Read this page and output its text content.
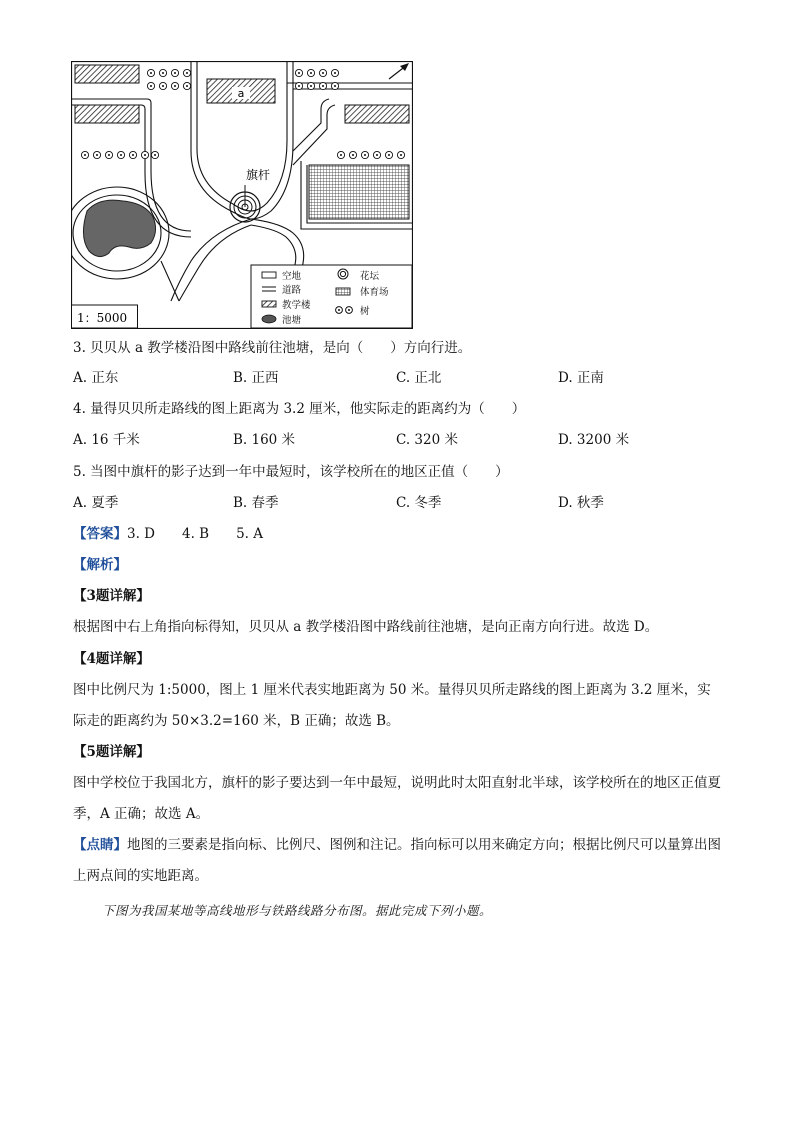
a
旗杆
1：5000
空地
道路
教学楼
池塘
花坛
体育场
树
3. 贝贝从 a 教学楼沿图中路线前往池塘，是向（　　）方向行进。
A. 正东	B. 正西	C. 正北	D. 正南
4. 量得贝贝所走路线的图上距离为 3.2 厘米，他实际走的距离约为（　　）
A. 16 千米	B. 160 米	C. 320 米	D. 3200 米
5. 当图中旗杆的影子达到一年中最短时，该学校所在的地区正值（　　）
A. 夏季	B. 春季	C. 冬季	D. 秋季
【答案】3. D　　4. B　　5. A
【解析】
【3题详解】
根据图中右上角指向标得知，贝贝从 a 教学楼沿图中路线前往池塘，是向正南方向行进。故选 D。
【4题详解】
图中比例尺为 1:5000，图上 1 厘米代表实地距离为 50 米。量得贝贝所走路线的图上距离为 3.2 厘米，实际走的距离约为 50×3.2=160 米，B 正确；故选 B。
【5题详解】
图中学校位于我国北方，旗杆的影子要达到一年中最短，说明此时太阳直射北半球，该学校所在的地区正值夏季，A 正确；故选 A。
【点睛】地图的三要素是指向标、比例尺、图例和注记。指向标可以用来确定方向；根据比例尺可以量算出图上两点间的实地距离。
下图为我国某地等高线地形与铁路线路分布图。据此完成下列小题。
